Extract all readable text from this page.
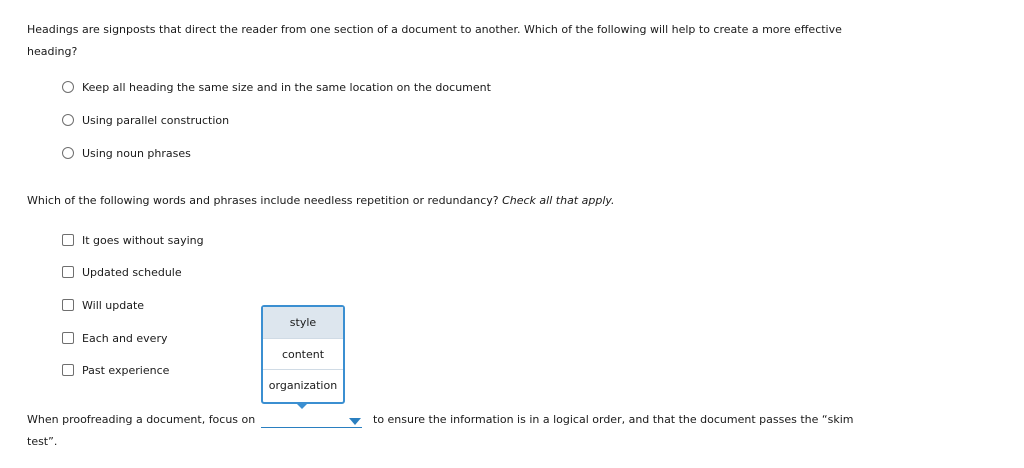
Headings are signposts that direct the reader from one section of a document to another. Which of the following will help to create a more effective heading?

Keep all heading the same size and in the same location on the document
Using parallel construction
Using noun phrases

Which of the following words and phrases include needless repetition or redundancy? Check all that apply.

It goes without saying
Updated schedule
Will update
Each and every
Past experience
style
content
organization
When proofreading a document, focus on	to ensure the information is in a logical order, and that the document passes the “skim
test”.
